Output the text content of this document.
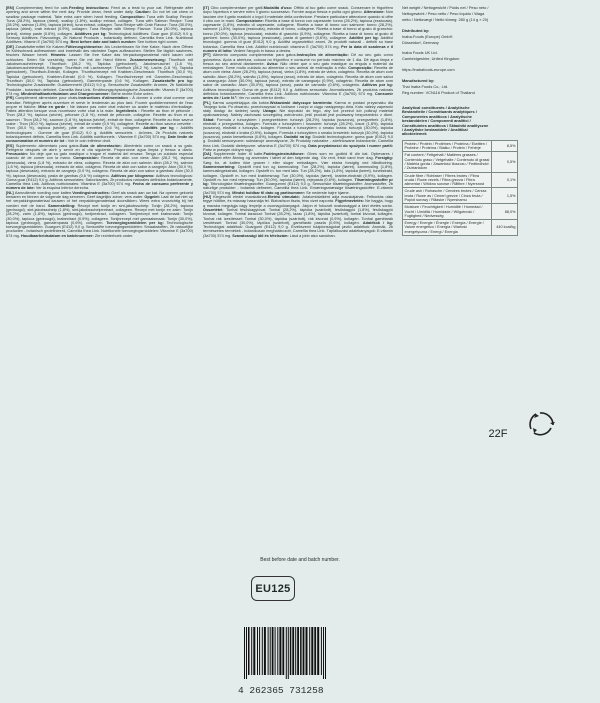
[EN] Complementary feed for cats.Feeding instructions: Feed as a treat to your cat. Refrigerate after opening and serve within the next day. Provide clean, fresh water daily. Caution: Do not let cat chew or swallow package material. Take extra care when hand feeding. Composition: Tuna with Scallop Recipe: Tuna (28.2%), tapioca (dried), scallop (1.8%), scallop extract, collagen. Tuna with Salmon Recipe: Tuna (28.2%), salmon (1.8%), tapioca (dried), tuna extract, collagen. Tuna Recipe with Crab Flavour: Tuna (30.0%), tapioca (dried), crab extract (0.9%), collagen. Tuna Recipe with Shrimp Flavour: Tuna (30.0%), tapioca (dried), shrimp paste (0.6%), collagen. Additives per kg: Technological Additives: Guar gum (E412) 9.0 g. Sensory Additives: Flavourings, 2b Natural Products - botanically defined, Camellia thea Link. Nutritional Additives: Vitamin E (3a700) 574 mg. Best before date and batch number: See bottom right corner.

[DE] Zusatzfuttermittel für Katzen.Fütterungshinweise: Als Leckerbissen für Ihre Katze. Nach dem Öffnen im Kühlschrank aufbewahren und innerhalb des nächsten Tages aufbrauchen. Stellen Sie täglich sauberes, frisches Wasser bereit. Hinweis: Lassen Sie Ihre Katze das Verpackungsmaterial nicht kauen oder schlucken. Seien Sie vorsichtig, wenn Sie mit der Hand füttern. Zusammensetzung: Thunfisch mit Jakobsmuschelrezept: Thunfisch (28,2 %), Tapioka (getrocknet), Jakobsmuschel (1,8 %), Jakobsmuschelextrakt, Kollagen. Thunfisch mit Lachsrezept: Thunfisch (28,2 %), Lachs (1,8 %), Tapioka (getrocknet), Thunfisch-Extrakt, Kollagen. Thunfischrezept mit Krabben-Geschmack: Thunfisch (30,0 %), Tapioka (getrocknet), Krabben-Extrakt (0,9 %), Kollagen. Thunfischrezept mit Garnelen-Geschmack: Thunfisch (30,0 %), Tapioka (getrocknet), Garnelenpaste (0,6 %), Kollagen. Zusatzstoffe pro kg: Technologische Zusatzstoffe: Guarkernmehl (E412) 9,0 g. Sensorische Zusatzstoffe: Aromen, 2b Natürliche Produkte - botanisch definiert, Camellia thea Link. Ernährungsphysiologische Zusatzstoffe: Vitamin E (3a700) 574 mg. Mindesthaltbarkeitsdatum und Chargennummer: Siehe rechte Ecke unten.

[FR] Complément alimentaire pour chats.Instructions d'alimentation : À donner à votre chat comme une friandise. Réfrigérer après ouverture et servir le lendemain au plus tard. Fournir quotidiennement de l'eau propre et fraîche. Mise en garde : Ne laissez pas votre chat mâcher ou avaler le matériau d'emballage. Faites attention lorsque vous nourrissez votre chat à la main. Ingrédients : Recette au thon et pétoncle : Thon (28,2 %), tapioca (séché), pétoncle (1,8 %), extrait de pétoncle, collagène. Recette au thon et au saumon : Thon (28,2 %), saumon (1,8 %), tapioca (séché), extrait de thon, collagène. Recette au thon saveur crabe : Thon (30,0 %), tapioca (séché), extrait de crabe (0,9 %), collagène. Recette au thon saveur crevette : Thon (30,0 %), tapioca (séché), pâte de crevettes (0,6 %), collagène. Additifs par kg : Additifs technologiques : Gomme de guar (E412) 9,0 g. Additifs sensoriels : Arômes, 2b Produits naturels botaniquement définis, Camellia thea Link. Additifs nutritionnels : Vitamine E (3a700) 574 mg. Date limite de consommation et numéro de lot : Voir le coin inférieur droit.

[ES] Suplemento alimentario para gatos.Guía de alimentación: Aliméntelo como un snack a su gato. Refrigerar después de abrir y servir en el día siguiente. Proporcione agua limpia y fresca a diario. Precaución: No deje que su gato mastique o trague el material del envase. Tenga un cuidado especial cuando dé de comer con la mano. Composición: Receta de atún con viera: Atún (28,2 %), tapioca (desecada), viera (1,8 %), extracto de viera, colágeno. Receta de atún con salmón: Atún (28,2 %), salmón (1,8 %), tapioca (desecada), extracto de atún, colágeno. Receta de atún con sabor a cangrejo: Atún (30,0 %), tapioca (desecada), extracto de cangrejo (0,9 %), colágeno. Receta de atún con sabor a gambas: Atún (30,0 %), tapioca (desecada), pasta de gambas (0,6 %) colágeno. Aditivos por kilogramo: Aditivos tecnológicos: Goma guar (E412) 9,0 g. Aditivos sensoriales: Saborizantes, 2b productos naturales definidos botánicamente, Camellia thea Link. Aditivos nutricionales: Vitamina E (3a700) 574 mg. Fecha de consumo preferente y número de lote: Ver la esquina inferior derecha.

[NL] Aanvullende voeding voor katten.Voedingsinstructies: Geef als snack aan uw kat. Na openen gekoeld bewaren en binnen de volgende dag serveren. Geef dagelijks zuiver, vers water. Opgelet: Laat de kat niet op het verpakkingsmateriaal kauwen of het verpakkingsmateriaal doorslikken. Wees extra voorzichtig bij het voeden met de hand. Samenstelling: Recept met tonijn en sint-jakobsschelp: Tonijn (28,2%), tapioca (gedroogd), sint-jakobsschelp (1,8%), sint-jakobsschelpextract, collageen. Recept met tonijn en zalm: Tonijn (28,2%), zalm (1,8%), tapioca (gedroogd), tonijnextract, collageen. Tonijnrecept met krabsmaak: Tonijn (30,0%), tapioca (gedroogd), krabextract (0,9%), collageen. Tonijnrecept met garnaalsmaak: Tonijn (30,0%), tapioca (gedroogd), garnalenpasta (0,6%), collageen. Toevoegingsmiddelen per kg: Technologische toevoegingsmiddelen: Guargom (E412) 9,0 g. Sensoriële toevoegingsmiddelen: Smaakstoffen, 2b natuurlijke producten - botanisch gedefinieerd, Camellia thea Link. Nutritionele toevoegingsmiddelen: Vitamine E (3a700) 574 mg. Houdbaarheidsdatum en batchnummer: Zie rechterhoek onder.

[IT] Cibo complementare per gatti.Modalità d'uso: Offrilo al tuo gatto come snack. Conservare in frigorifero dopo l'apertura e servire entro il giorno successivo. Fornire acqua fresca e pulita ogni giorno. Attenzione: Non lasciare che il gatto mastichi o ingoi il materiale della confezione. Prestare particolare attenzione quando si offre il cibo con le mani. Composizione: Ricetta a base di tonno con capesante: tonno (28,2%), tapioca (essiccata), capesante (1,8%), estratto di capesante, collagene. Ricetta a base di tonno con salmone: tonno (28,2%), salmone (1,8%), tapioca (essiccata), estratto di tonno, collagene. Ricetta a base di tonno al gusto di granchio: tonno (30,0%), tapioca (essiccata), estratto di granchio (0,9%), collagene. Ricetta a base di tonno al gusto di gamberi: tonno (30,0%), tapioca (essiccata), pasta di gamberi (0,6%), collagene. Additivi per kg: Additivi tecnologici: gomma di guar (E412) 9,0 g. Additivi organolettici: aromi, 2b prodotti naturali - definiti su base botanica, Camellia thea Link. Additivi nutrizionali: vitamina E (3a700) 574 mg. Per la data di scadenza e il numero di lotto: Vedere l'angolo in basso a destra.

[PT] Alimento composto complementar para gatos.Instruções de alimentação: Dê ao seu gato como guloseima. Após a abertura, colocar no frigorífico e consumir no período máximo de 1 dia. Dê água limpa e fresca ao seu animal diariamente. Aviso: Não deixe que o seu gato mastigue ou engula o material da embalagem. Tome muito cuidado ao alimentar o seu animal de estimação à mão. Composição: Receita de atum com vieira: Atum (28,2%), tapioca (seca), vieira (1,8%), extrato de vieira, colagénio. Receita de atum com salmão: Atum (28,2%), salmão (1,8%), tapioca (seca), extrato de atum, colagénio. Receita de atum com sabor a caranguejo: Atum (30,0%), tapioca (seca), extrato de caranguejo (0,9%), colagénio. Receita de atum com sabor de camarão: Atum (30,0%), tapioca (seca), pasta de camarão (0,6%), colagénio. Aditivos por kg: Aditivos tecnológicos: Goma de guar (E412) 9,0 g. Aditivos sensoriais: Aromatizantes, 2b produtos naturais definidos botanicamente, Camellia thea Link. Aditivos nutricionais: Vitamina E (3a700) 574 mg. Consumir antes de / Lote N.º: Ver no canto inferior direito.

[PL] Karma uzupełniająca dla kotów.Wskazówki dotyczące karmienia: Karma w postaci przysmaku dla Twojego kota. Po otwarciu, przechowywać w lodówce i zużyć w ciągu następnego dnia. Kotu należy zapewnić stały dostęp do świeżej wody. Uwaga: Nie dopuścić do tego, aby kot przeżuł lub połknął materiał opakowaniowy. Należy zachować szczególną ostrożność, jeśli produkt jest podawany bezpośrednio z dłoni. Skład: Formuła z tuńczykiem i przegrzebkiem: tuńczyk (28,2%), tapioka (suszona), przegrzebek (1,8%), ekstrakt z przegrzebka, kolagen. Formuła z tuńczykiem i łososiem: tuńczyk (28,2%), łosoś (1,8%), tapioka (suszona), ekstrakt z tuńczyka, kolagen. Formuła z tuńczykiem o smaku kraba: tuńczyk (30,0%), tapioka (suszona), ekstrakt z kraba (0,9%), kolagen. Formuła z tuńczykiem o smaku krewetek: tuńczyk (30,0%), tapioka (suszona), pasta krewetkowa (0,6%), kolagen. Dodatki na kg: Dodatki technologiczne: guma guar (E412) 9,0 g. Dodatki sensoryczne: substancje aromatyczne, 2b Produkty naturalne - zdefiniowane botanicznie, Camellia thea Link. Dodatki dietetyczne: witamina E (3a700) 574 mg. Data przydatności do spożycia i numer partii: Patrz w prawym dolnym rogu.

[DA] Supplerende foder til katte.Fodringsinstruktioner: Gives som en godbid til din kat. Opbevares i køleskabet efter åbning og anvendes i løbet af den følgende dag. Giv rent, friskt vand hver dag. Forsigtig: Sørg for, at katten ikke gnaver i eller sluger emballagen. Vær ekstra forsigtig ved håndfodring. Sammensætning: Opskrift med tun og kammusling: Tun (28,2%), tapioka (tørret), kammusling (1,8%), kammuslingekstrakt, kollagen. Opskrift m. tun med laks: Tun (28,2%), laks (1,8%), tapioka (tørret), tunekstrakt, kollagen. Opskrift m. tun med krabbesmag: Tun (30,0%), tapioka (tørret), krabbe-ekstrakt (0,9%), kollagen. Opskrift m. tun med rejesmag: Tun (30,0%), tapioka (tørret), rejepasta (0,6%), kollagen. Tilsætningsstoffer pr kg: Teknologiske tilsætningsstoffer: Guargummi (E412) 9,0 g. Sensoriske tilsætningsstoffer: Aromastoffer, 2b naturlige produkter - botanisk defineret, Camellia thea Link. Ernæringsmæssige tilsætningsstoffer: E-vitamin (3a700) 574 mg. Mindst holdbar til dato og partinummer: Se nederste højre hjørne.

[HU] Kiegészítő eledel macskáknak.Etetési útmutató: Jutalomfalatként adja macskájának. Felbontás után tegye hűtőbe, és másnap használja fel. Biztosítson tiszta, friss vizet naponta. Figyelmeztetés: Ne hagyja, hogy a macska megrágja vagy lenyelje a csomagolóanyagot. Járjon el fokozott óvatossággal a kézi etetés során. Összetétel: Tonhal fésűskagylóval: Tonhal (28,2%), tápióka (szárított), fésűskagyló (1,8%), fésűskagyló kivonat, kollagén. Tonhal lazaccal: Tonhal (28,2%), lazac (1,8%), tápióka (szárított), tonhal kivonat, kollagén. Tonhal rák ízesítéssel: Tonhal (30,0%), tápióka (szárított), rák kivonat (0,9%), kollagén. Tonhal garnélarák ízesítéssel: Tonhal (30,0%), tápióka (szárított), garnélarák paszta (0,6%), kollagén. Adalékok / kg: Technológiai adalékok: Guargumi (E412) 9,0 g. Érzékszervi tulajdonságokat javító adalékok: Aromák, 2b természetes termékek - botanikusan meghatározott, Camellia thea Link. Táplálkozási adalékanyagok: E-vitamin (3a700) 574 mg. Szavatossági idő és tételszám: Lásd a jobb alsó sarokban.

Net weight / Nettogewicht / Poids net / Peso neto /

Nettogewicht / Peso netto / Peso líquido / Waga

netto / Nettovægt / Nettó tömeg: 280 g (14 g × 20)

Distributed by:

Inaba-Foods (Europe) GmbH

Düsseldorf, Germany

Inaba Foods UK Ltd.

Cambridgeshire, United Kingdom

https://inabafoods-europe.com

Manufactured by:

Thai Inaba Foods Co., Ltd.

Reg number: VCN116 Product of Thailand

Analytical constituents / Analytische
Bestandteile / Constituants analytiques /
Componentes analíticos / Analytische
bestanddelen / Componenti analitici /
Constituintes analíticos / Składniki analityczne
/ Analytiske bestanddele / Analitikai
alkotóelemek
Protein / Protein / Protéines / Proteína / Eiwitten / Proteine / Proteína / Białko / Protein / Fehérje	8,5%
Fat content / Fettgehalt / Matières grasses / Contenido graso / Vetgehalte / Contenuto di grassi / Matéria gorda / Zawartość tłuszczu / Fedtindhold / Zsírtartalom	0,5%
Crude fibre / Rohfaser / Fibres brutes / Fibra cruda / Ruwe vezels / Fibra grezza / Fibra alimentar / Włókno surowe / Råfibre / Nyersrost	0,1%
Crude ash / Rohasche / Cendres brutes / Ceniza bruta / Ruwe as / Ceneri grezze / Cinza bruta / Popiół surowy / Råaske / Nyershamu	1,5%
Moisture / Feuchtigkeit / Humidité / Humedad / Vocht / Umidità / Humidade / Wilgotność / Fugtighed / Nedvesség	88,0%
Energy / Energie / Énergie / Energía / Energie / Valore energetico / Energia / Wartość energetyczna / Energi / Energia	440 kcal/kg
22F
Best before date and batch number.
EU125
4 262365 731258
